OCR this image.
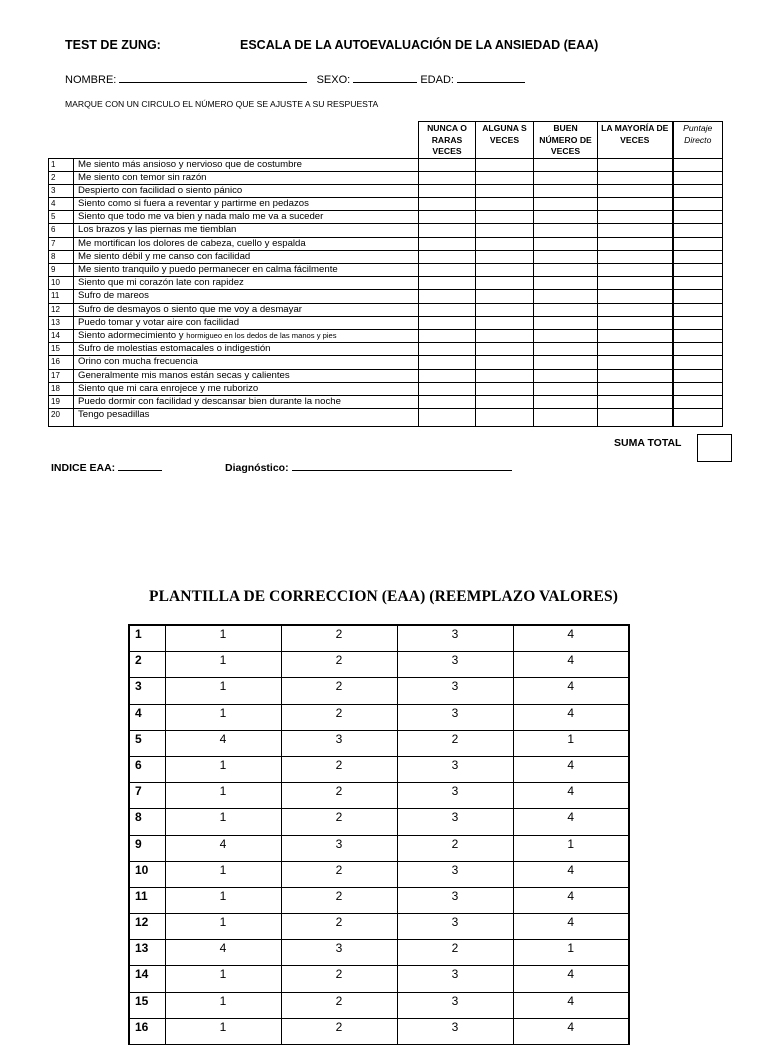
TEST DE ZUNG:	ESCALA DE LA AUTOEVALUACIÓN DE LA ANSIEDAD (EAA)
NOMBRE:	SEXO:	EDAD:
MARQUE CON UN CIRCULO EL NÚMERO QUE SE AJUSTE A SU RESPUESTA
		NUNCA O RARAS VECES	ALGUNA S VECES	BUEN NÚMERO DE VECES	LA MAYORÍA DE VECES	Puntaje Directo
1	Me siento más ansioso y nervioso que de costumbre					
2	Me siento con temor sin razón					
3	Despierto con facilidad o siento pánico					
4	Siento como si fuera a reventar y partirme en pedazos					
5	Siento que todo me va bien y nada malo me va a suceder					
6	Los brazos y las piernas me tiemblan					
7	Me mortifican los dolores de cabeza, cuello y espalda					
8	Me siento débil y me canso con facilidad					
9	Me siento tranquilo y puedo permanecer en calma fácilmente					
10	Siento que mi corazón late con rapidez					
11	Sufro de mareos					
12	Sufro de desmayos o siento que me voy a desmayar					
13	Puedo tomar y votar aire con facilidad					
14	Siento adormecimiento y hormigueo en los dedos de las manos y pies					
15	Sufro de molestias estomacales o indigestión					
16	Orino con mucha frecuencia					
17	Generalmente mis manos están secas y calientes					
18	Siento que mi cara enrojece y me ruborizo					
19	Puedo dormir con facilidad y descansar bien durante la noche					
20	Tengo pesadillas					
SUMA TOTAL
INDICE EAA:	Diagnóstico:
PLANTILLA DE CORRECCION (EAA) (REEMPLAZO VALORES)
1	1	2	3	4
2	1	2	3	4
3	1	2	3	4
4	1	2	3	4
5	4	3	2	1
6	1	2	3	4
7	1	2	3	4
8	1	2	3	4
9	4	3	2	1
10	1	2	3	4
11	1	2	3	4
12	1	2	3	4
13	4	3	2	1
14	1	2	3	4
15	1	2	3	4
16	1	2	3	4
